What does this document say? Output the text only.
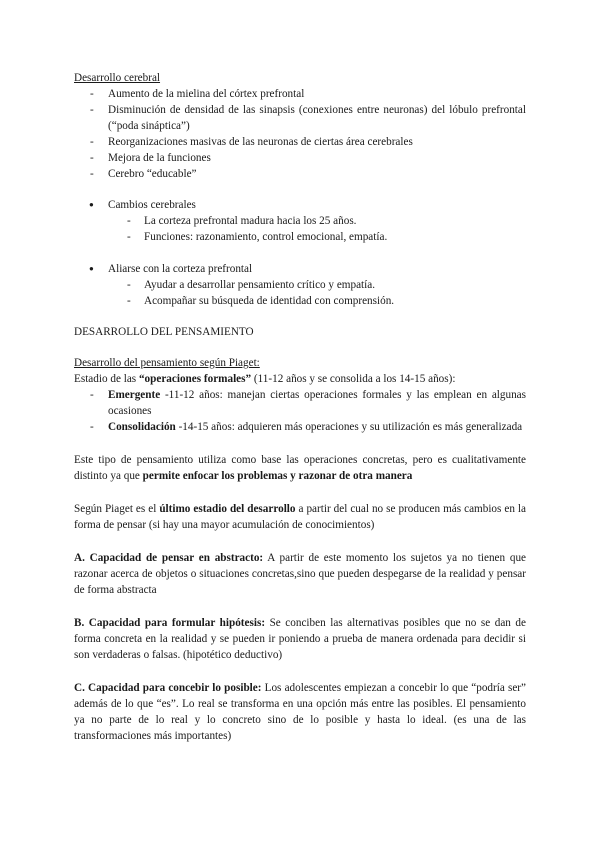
Desarrollo cerebral
- Aumento de la mielina del córtex prefrontal
- Disminución de densidad de las sinapsis (conexiones entre neuronas) del lóbulo prefrontal (“poda sináptica”)
- Reorganizaciones masivas de las neuronas de ciertas área cerebrales
- Mejora de la funciones
- Cerebro “educable”
● Cambios cerebrales
- La corteza prefrontal madura hacia los 25 años.
- Funciones: razonamiento, control emocional, empatía.
● Aliarse con la corteza prefrontal
- Ayudar a desarrollar pensamiento crítico y empatía.
- Acompañar su búsqueda de identidad con comprensión.
DESARROLLO DEL PENSAMIENTO
Desarrollo del pensamiento según Piaget:
Estadio de las “operaciones formales” (11-12 años y se consolida a los 14-15 años):
- Emergente -11-12 años: manejan ciertas operaciones formales y las emplean en algunas ocasiones
- Consolidación -14-15 años: adquieren más operaciones y su utilización es más generalizada

Este tipo de pensamiento utiliza como base las operaciones concretas, pero es cualitativamente distinto ya que permite enfocar los problemas y razonar de otra manera

Según Piaget es el último estadio del desarrollo a partir del cual no se producen más cambios en la forma de pensar (si hay una mayor acumulación de conocimientos)

A. Capacidad de pensar en abstracto: A partir de este momento los sujetos ya no tienen que razonar acerca de objetos o situaciones concretas,sino que pueden despegarse de la realidad y pensar de forma abstracta

B. Capacidad para formular hipótesis: Se conciben las alternativas posibles que no se dan de forma concreta en la realidad y se pueden ir poniendo a prueba de manera ordenada para decidir si son verdaderas o falsas. (hipotético deductivo)

C. Capacidad para concebir lo posible: Los adolescentes empiezan a concebir lo que “podría ser” además de lo que “es”. Lo real se transforma en una opción más entre las posibles. El pensamiento ya no parte de lo real y lo concreto sino de lo posible y hasta lo ideal. (es una de las transformaciones más importantes)
